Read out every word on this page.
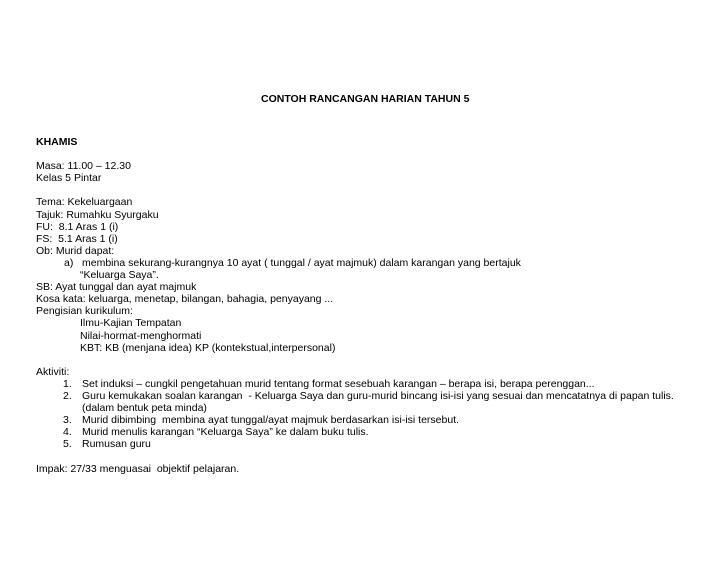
CONTOH RANCANGAN HARIAN TAHUN 5
KHAMIS
Masa: 11.00 – 12.30
Kelas 5 Pintar
Tema: Kekeluargaan
Tajuk: Rumahku Syurgaku
FU:  8.1 Aras 1 (i)
FS:  5.1 Aras 1 (i)
Ob: Murid dapat:

a)

membina sekurang-kurangnya 10 ayat ( tunggal / ayat majmuk) dalam karangan yang bertajuk

“Keluarga Saya”.
SB: Ayat tunggal dan ayat majmuk
Kosa kata: keluarga, menetap, bilangan, bahagia, penyayang ...
Pengisian kurikulum:
Ilmu-Kajian Tempatan
Nilai-hormat-menghormati
KBT: KB (menjana idea) KP (kontekstual,interpersonal)
Aktiviti:

1.

Set induksi – cungkil pengetahuan murid tentang format sesebuah karangan – berapa isi, berapa perenggan...

2.

Guru kemukakan soalan karangan  - Keluarga Saya dan guru-murid bincang isi-isi yang sesuai dan mencatatnya di papan tulis.

(dalam bentuk peta minda)

3.

Murid dibimbing  membina ayat tunggal/ayat majmuk berdasarkan isi-isi tersebut.

4.

Murid menulis karangan “Keluarga Saya” ke dalam buku tulis.

5.

Rumusan guru

Impak: 27/33 menguasai  objektif pelajaran.
